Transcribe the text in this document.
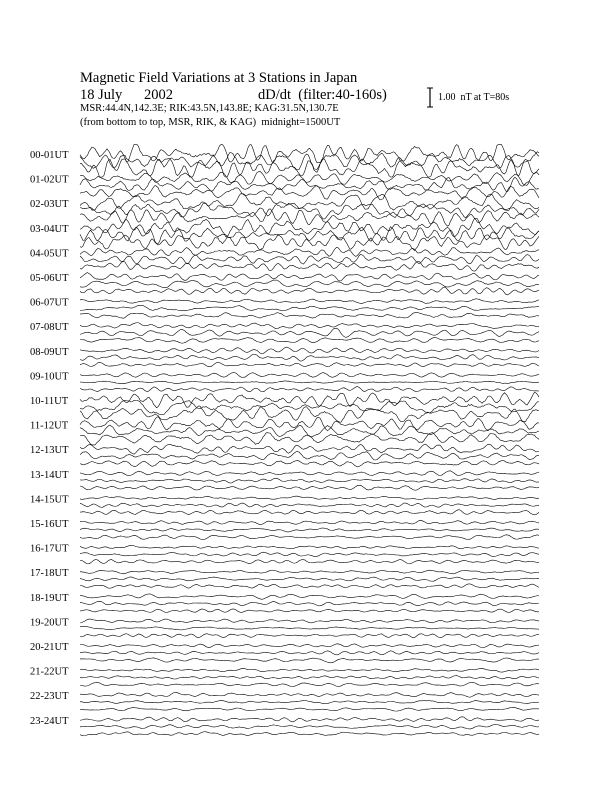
Magnetic Field Variations at 3 Stations in Japan
18 July      2002	dD/dt  (filter:40-160s)
MSR:44.4N,142.3E; RIK:43.5N,143.8E; KAG:31.5N,130.7E
(from bottom to top, MSR, RIK, & KAG)  midnight=1500UT
1.00  nT at T=80s
00-01UT
01-02UT
02-03UT
03-04UT
04-05UT
05-06UT
06-07UT
07-08UT
08-09UT
09-10UT
10-11UT
11-12UT
12-13UT
13-14UT
14-15UT
15-16UT
16-17UT
17-18UT
18-19UT
19-20UT
20-21UT
21-22UT
22-23UT
23-24UT
